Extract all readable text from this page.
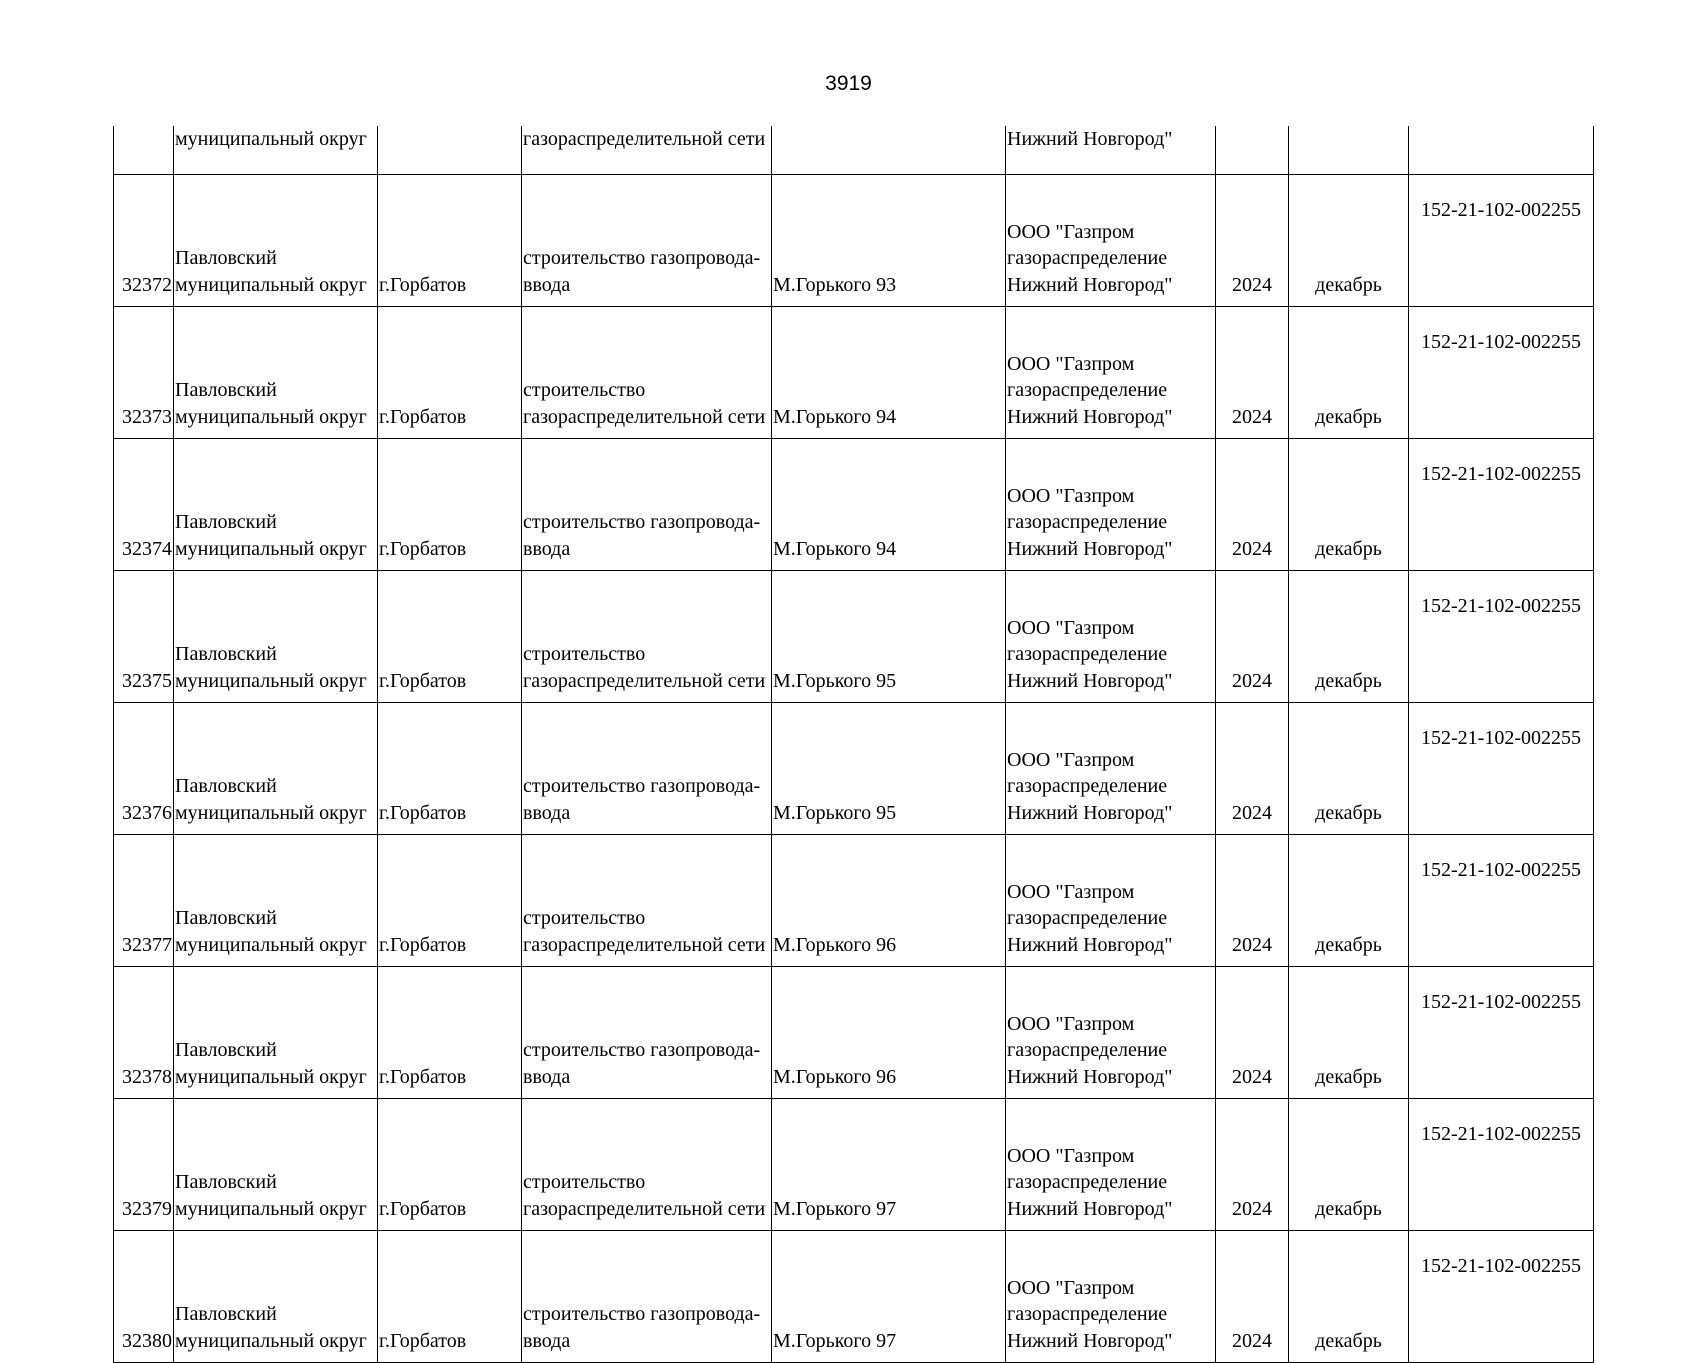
3919

	муниципальный округ		газораспределительной сети		Нижний Новгород"			

32372	Павловский
муниципальный округ	г.Горбатов	строительство газопровода-
ввода	М.Горького 93	ООО "Газпром
газораспределение
Нижний Новгород"	2024	декабрь	152-21-102-002255
32373	Павловский
муниципальный округ	г.Горбатов	строительство
газораспределительной сети	М.Горького 94	ООО "Газпром
газораспределение
Нижний Новгород"	2024	декабрь	152-21-102-002255
32374	Павловский
муниципальный округ	г.Горбатов	строительство газопровода-
ввода	М.Горького 94	ООО "Газпром
газораспределение
Нижний Новгород"	2024	декабрь	152-21-102-002255
32375	Павловский
муниципальный округ	г.Горбатов	строительство
газораспределительной сети	М.Горького 95	ООО "Газпром
газораспределение
Нижний Новгород"	2024	декабрь	152-21-102-002255
32376	Павловский
муниципальный округ	г.Горбатов	строительство газопровода-
ввода	М.Горького 95	ООО "Газпром
газораспределение
Нижний Новгород"	2024	декабрь	152-21-102-002255
32377	Павловский
муниципальный округ	г.Горбатов	строительство
газораспределительной сети	М.Горького 96	ООО "Газпром
газораспределение
Нижний Новгород"	2024	декабрь	152-21-102-002255
32378	Павловский
муниципальный округ	г.Горбатов	строительство газопровода-
ввода	М.Горького 96	ООО "Газпром
газораспределение
Нижний Новгород"	2024	декабрь	152-21-102-002255
32379	Павловский
муниципальный округ	г.Горбатов	строительство
газораспределительной сети	М.Горького 97	ООО "Газпром
газораспределение
Нижний Новгород"	2024	декабрь	152-21-102-002255
32380	Павловский
муниципальный округ	г.Горбатов	строительство газопровода-
ввода	М.Горького 97	ООО "Газпром
газораспределение
Нижний Новгород"	2024	декабрь	152-21-102-002255
